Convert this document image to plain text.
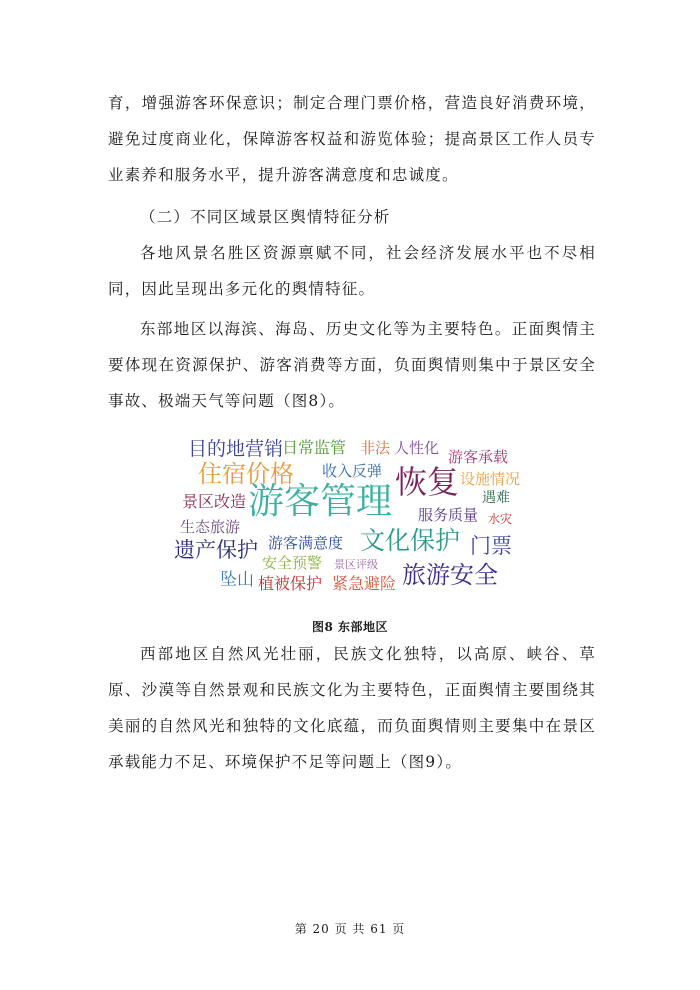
育，增强游客环保意识；制定合理门票价格，营造良好消费环境，避免过度商业化，保障游客权益和游览体验；提高景区工作人员专业素养和服务水平，提升游客满意度和忠诚度。

（二）不同区域景区舆情特征分析

各地风景名胜区资源禀赋不同，社会经济发展水平也不尽相同，因此呈现出多元化的舆情特征。

东部地区以海滨、海岛、历史文化等为主要特色。正面舆情主要体现在资源保护、游客消费等方面，负面舆情则集中于景区安全事故、极端天气等问题（图8）。

目的地营销
日常监管 非法 人性化 游客承载
住宿价格 收入反弹 恢复 设施情况
遇难
景区改造 游客管理 服务质量 水灾
生态旅游
遗产保护 游客满意度 文化保护 门票
安全预警 景区评级
坠山 植被保护 紧急避险 旅游安全
图8 东部地区

西部地区自然风光壮丽，民族文化独特，以高原、峡谷、草原、沙漠等自然景观和民族文化为主要特色，正面舆情主要围绕其美丽的自然风光和独特的文化底蕴，而负面舆情则主要集中在景区承载能力不足、环境保护不足等问题上（图9）。

第 20 页 共 61 页
